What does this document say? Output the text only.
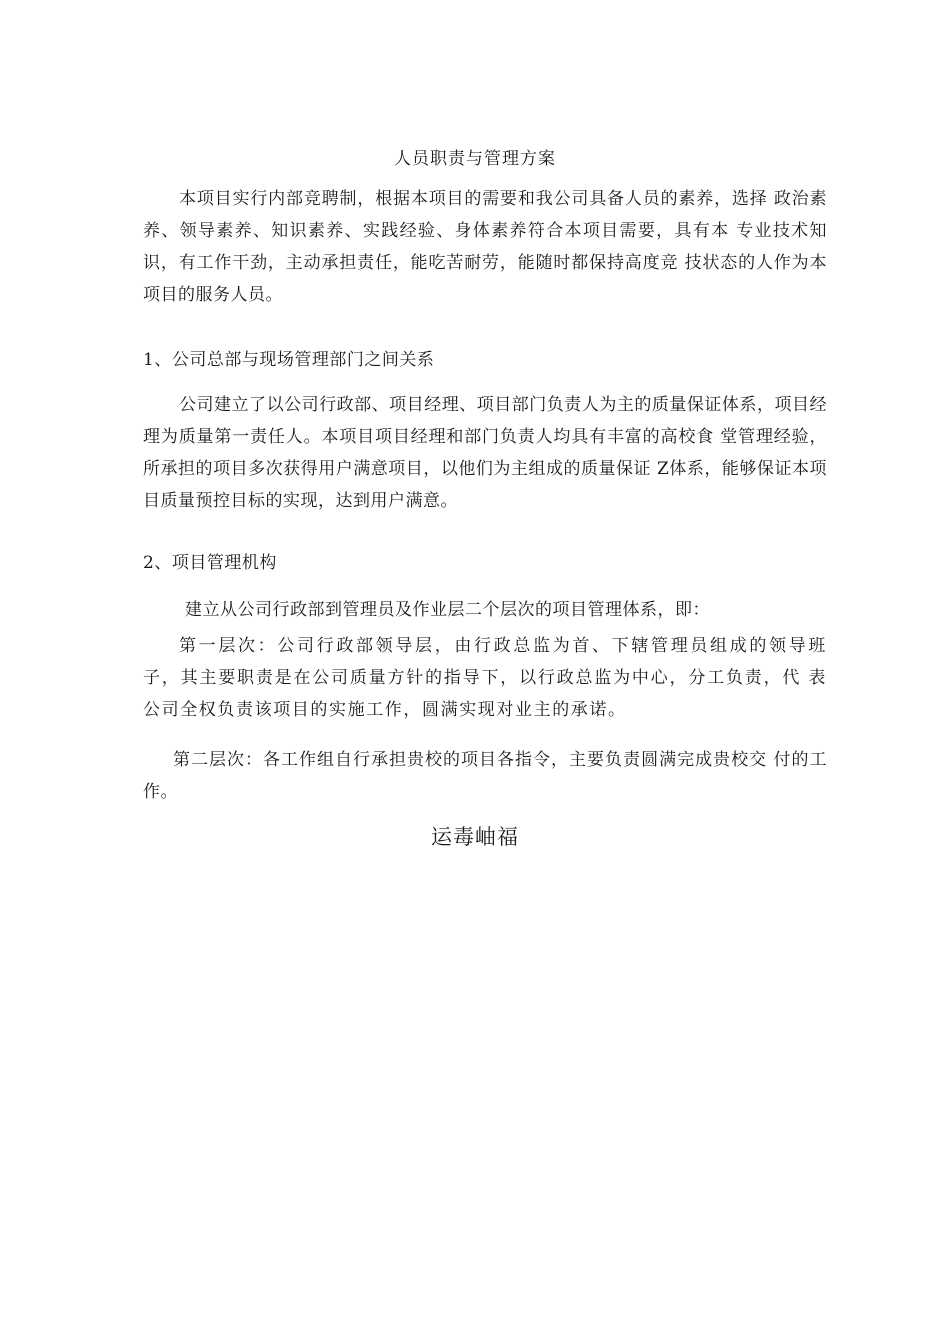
人员职责与管理方案

本项目实行内部竞聘制，根据本项目的需要和我公司具备人员的素养，选择 政治素养、领导素养、知识素养、实践经验、身体素养符合本项目需要，具有本 专业技术知识，有工作干劲，主动承担责任，能吃苦耐劳，能随时都保持高度竞 技状态的人作为本项目的服务人员。

1、公司总部与现场管理部门之间关系

公司建立了以公司行政部、项目经理、项目部门负责人为主的质量保证体系，项目经理为质量第一责任人。本项目项目经理和部门负责人均具有丰富的高校食 堂管理经验，所承担的项目多次获得用户满意项目，以他们为主组成的质量保证 Z体系，能够保证本项目质量预控目标的实现，达到用户满意。

2、项目管理机构

建立从公司行政部到管理员及作业层二个层次的项目管理体系，即：

第一层次：公司行政部领导层，由行政总监为首、下辖管理员组成的领导班子，其主要职责是在公司质量方针的指导下，以行政总监为中心，分工负责，代 表公司全权负责该项目的实施工作，圆满实现对业主的承诺。

第二层次：各工作组自行承担贵校的项目各指令，主要负责圆满完成贵校交 付的工作。

运毒岫福
